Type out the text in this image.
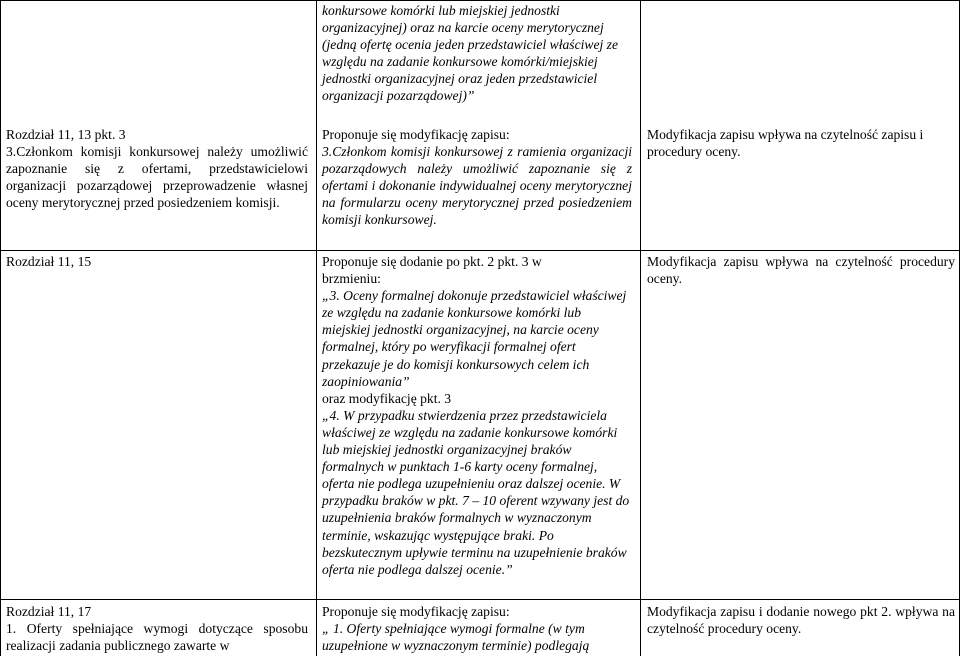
konkursowe komórki lub miejskiej jednostki organizacyjnej) oraz na karcie oceny merytorycznej (jedną ofertę ocenia jeden przedstawiciel właściwej ze względu na zadanie konkursowe komórki/miejskiej jednostki organizacyjnej oraz jeden przedstawiciel organizacji pozarządowej)”

Rozdział 11, 13 pkt. 3

3.Członkom komisji konkursowej należy umożliwić zapoznanie się z ofertami, przedstawicielowi organizacji pozarządowej przeprowadzenie własnej oceny merytorycznej przed posiedzeniem komisji.

Proponuje się modyfikację zapisu:

3.Członkom komisji konkursowej z ramienia organizacji pozarządowych należy umożliwić zapoznanie się z ofertami i dokonanie indywidualnej oceny merytorycznej na formularzu oceny merytorycznej przed posiedzeniem komisji konkursowej.

Modyfikacja zapisu wpływa na czytelność zapisu i procedury oceny.

Rozdział 11, 15	Proponuje się dodanie po pkt. 2 pkt. 3 w brzmieniu:

„3. Oceny formalnej dokonuje przedstawiciel właściwej ze względu na zadanie konkursowe komórki lub miejskiej jednostki organizacyjnej, na karcie oceny formalnej, który po weryfikacji formalnej ofert przekazuje je do komisji konkursowych celem ich zaopiniowania”

oraz modyfikację pkt. 3

„4. W przypadku stwierdzenia przez przedstawiciela właściwej ze względu na zadanie konkursowe komórki lub miejskiej jednostki organizacyjnej braków formalnych w punktach 1-6 karty oceny formalnej, oferta nie podlega uzupełnieniu oraz dalszej ocenie. W przypadku braków w pkt. 7 – 10 oferent wzywany jest do uzupełnienia braków formalnych w wyznaczonym terminie, wskazując występujące braki. Po bezskutecznym upływie terminu na uzupełnienie braków oferta nie podlega dalszej ocenie.”

Modyfikacja zapisu wpływa na czytelność procedury oceny.

Rozdział 11, 17

1. Oferty spełniające wymogi dotyczące sposobu realizacji zadania publicznego zawarte w

Proponuje się modyfikację zapisu:

„ 1. Oferty spełniające wymogi formalne (w tym uzupełnione w wyznaczonym terminie) podlegają

Modyfikacja zapisu i dodanie nowego pkt 2. wpływa na czytelność procedury oceny.
